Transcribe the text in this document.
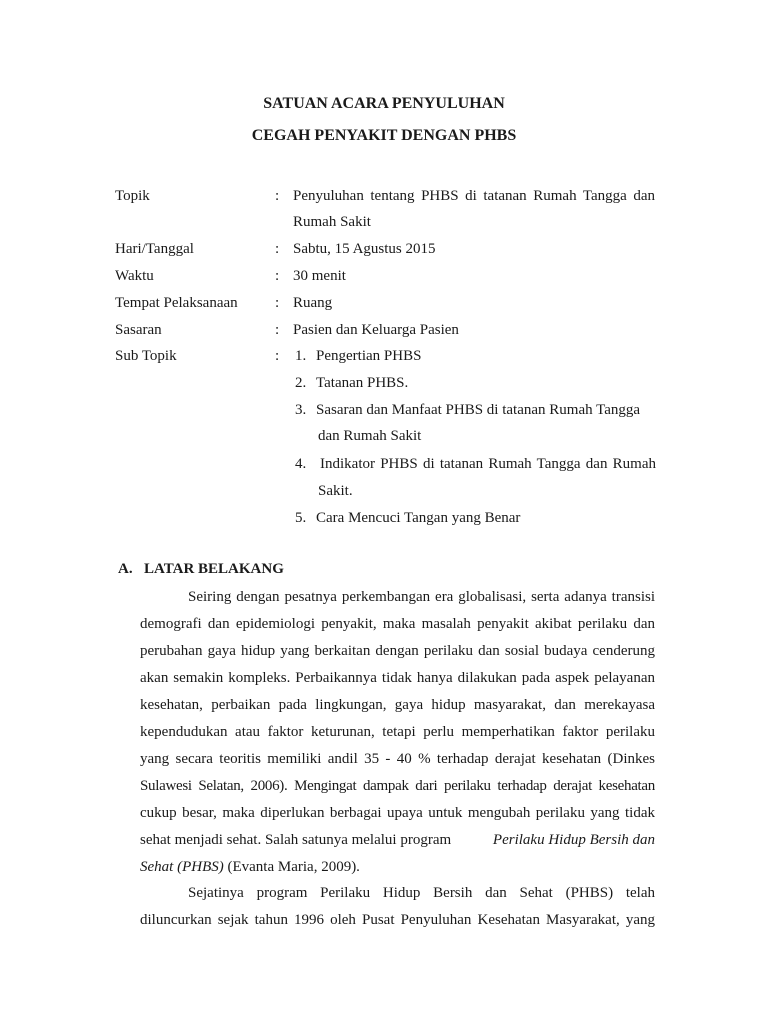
SATUAN ACARA PENYULUHAN
CEGAH PENYAKIT DENGAN PHBS
Topik	: Penyuluhan tentang PHBS di tatanan Rumah Tangga dan
Rumah Sakit
Hari/Tanggal	: Sabtu, 15 Agustus 2015
Waktu	: 30 menit
Tempat Pelaksanaan : Ruang
Sasaran	: Pasien dan Keluarga Pasien
Sub Topik	: 1. Pengertian PHBS
2. Tatanan PHBS.
3. Sasaran dan Manfaat PHBS di tatanan Rumah Tangga
dan Rumah Sakit
4. Indikator PHBS di tatanan Rumah Tangga dan Rumah
Sakit.
5. Cara Mencuci Tangan yang Benar
A. LATAR BELAKANG
Seiring dengan pesatnya perkembangan era globalisasi, serta adanya transisi
demografi dan epidemiologi penyakit, maka masalah penyakit akibat perilaku dan
perubahan gaya hidup yang berkaitan dengan perilaku dan sosial budaya cenderung
akan semakin kompleks. Perbaikannya tidak hanya dilakukan pada aspek pelayanan
kesehatan, perbaikan pada lingkungan, gaya hidup masyarakat, dan merekayasa
kependudukan atau faktor keturunan, tetapi perlu memperhatikan faktor perilaku
yang secara teoritis memiliki andil 35 - 40 % terhadap derajat kesehatan (Dinkes
Sulawesi Selatan, 2006). Mengingat dampak dari perilaku terhadap derajat kesehatan
cukup besar, maka diperlukan berbagai upaya untuk mengubah perilaku yang tidak
sehat menjadi sehat. Salah satunya melalui program	Perilaku Hidup Bersih dan
Sehat (PHBS) (Evanta Maria, 2009).
Sejatinya program Perilaku Hidup Bersih dan Sehat (PHBS) telah
diluncurkan sejak tahun 1996 oleh Pusat Penyuluhan Kesehatan Masyarakat, yang
